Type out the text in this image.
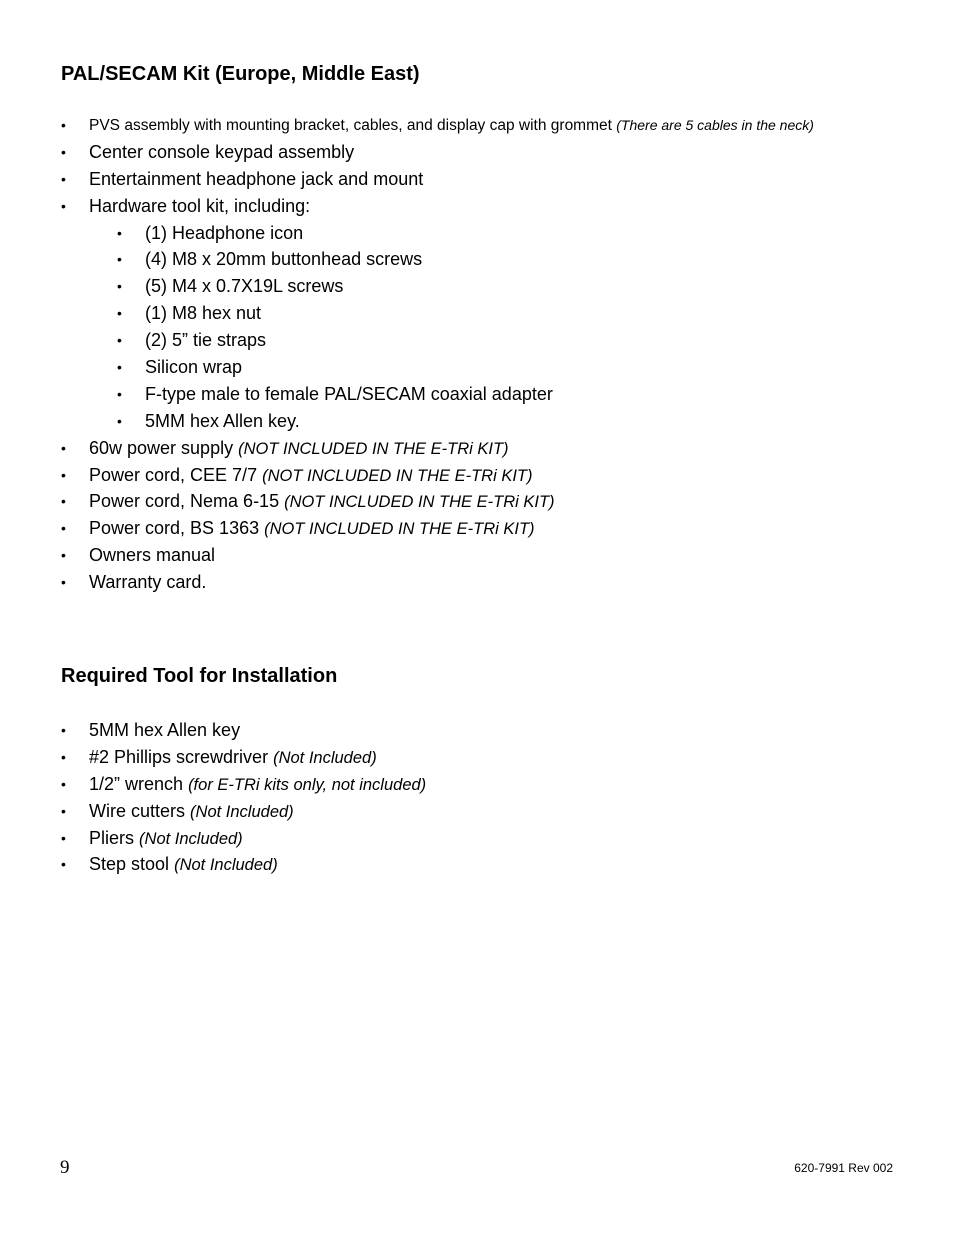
PAL/SECAM Kit (Europe, Middle East)
• PVS assembly with mounting bracket, cables, and display cap with grommet (There are 5 cables in the neck)
• Center console keypad assembly
• Entertainment headphone jack and mount
• Hardware tool kit, including:
• (1) Headphone icon
• (4) M8 x 20mm buttonhead screws
• (5) M4 x 0.7X19L screws
• (1) M8 hex nut
• (2) 5” tie straps
• Silicon wrap
• F-type male to female PAL/SECAM coaxial adapter
• 5MM hex Allen key.
• 60w power supply (NOT INCLUDED IN THE E-TRi KIT)
• Power cord, CEE 7/7 (NOT INCLUDED IN THE E-TRi KIT)
• Power cord, Nema 6-15 (NOT INCLUDED IN THE E-TRi KIT)
• Power cord, BS 1363 (NOT INCLUDED IN THE E-TRi KIT)
• Owners manual
• Warranty card.
Required Tool for Installation
• 5MM hex Allen key
• #2 Phillips screwdriver (Not Included)
• 1/2” wrench (for E-TRi kits only, not included)
• Wire cutters (Not Included)
• Pliers (Not Included)
• Step stool (Not Included)
9	620-7991 Rev 002
